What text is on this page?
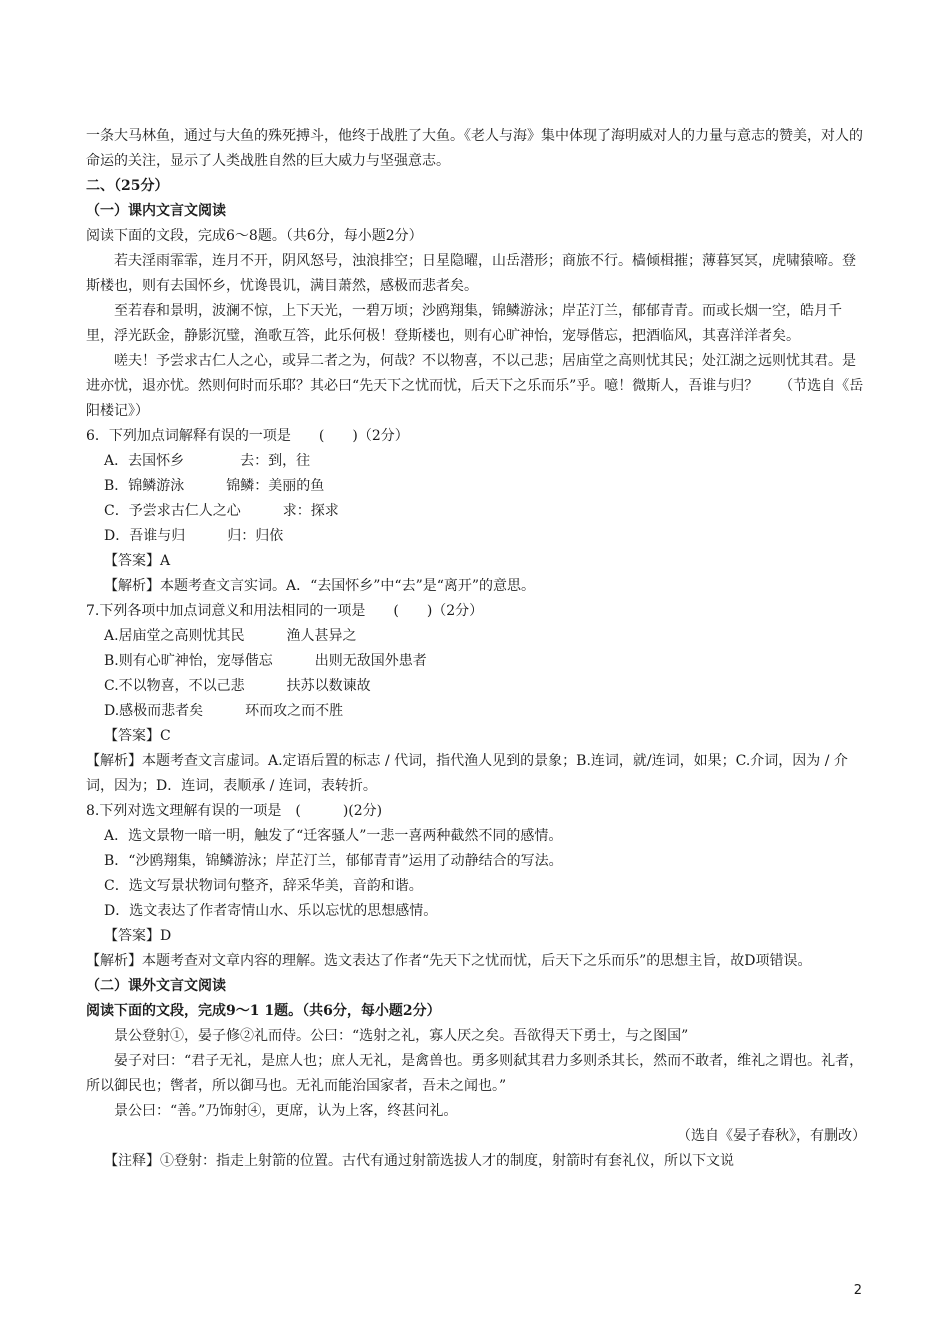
一条大马林鱼，通过与大鱼的殊死搏斗，他终于战胜了大鱼。《老人与海》集中体现了海明威对人的力量与意志的赞美，对人的命运的关注，显示了人类战胜自然的巨大威力与坚强意志。

二、（25分）

（一）课内文言文阅读

阅读下面的文段，完成6～8题。（共6分，每小题2分）

若夫淫雨霏霏，连月不开，阴风怒号，浊浪排空；日星隐曜，山岳潜形；商旅不行。樯倾楫摧；薄暮冥冥，虎啸猿啼。登斯楼也，则有去国怀乡，忧谗畏讥，满目萧然，感极而悲者矣。

至若春和景明，波澜不惊，上下天光，一碧万顷；沙鸥翔集，锦鳞游泳；岸芷汀兰，郁郁青青。而或长烟一空，皓月千里，浮光跃金，静影沉璧，渔歌互答，此乐何极！登斯楼也，则有心旷神怡，宠辱偕忘，把酒临风，其喜洋洋者矣。

嗟夫！予尝求古仁人之心，或异二者之为，何哉？不以物喜，不以己悲；居庙堂之高则忧其民；处江湖之远则忧其君。是进亦忧，退亦忧。然则何时而乐耶？其必曰“先天下之忧而忧，后天下之乐而乐”乎。噫！微斯人，吾谁与归？　　（节选自《岳阳楼记》）

6．下列加点词解释有误的一项是　　(　　)（2分）

A．去国怀乡　　　　去：到，往

B．锦鳞游泳　　　锦鳞：美丽的鱼

C．予尝求古仁人之心　　　求：探求

D．吾谁与归　　　归：归依

【答案】A

【解析】本题考查文言实词。A．“去国怀乡”中“去”是“离开”的意思。

7.下列各项中加点词意义和用法相同的一项是　　(　　)（2分）

A.居庙堂之高则忧其民　　　渔人甚异之

B.则有心旷神怡，宠辱偕忘　　　出则无敌国外患者

C.不以物喜，不以己悲　　　扶苏以数谏故

D.感极而悲者矣　　　环而攻之而不胜

【答案】C

【解析】本题考查文言虚词。A.定语后置的标志 / 代词，指代渔人见到的景象；B.连词，就/连词，如果；C.介词，因为 / 介词，因为；D．连词，表顺承 / 连词，表转折。

8.下列对选文理解有误的一项是　(　　　)(2分)

A．选文景物一暗一明，触发了“迁客骚人”一悲一喜两种截然不同的感情。

B．“沙鸥翔集，锦鳞游泳；岸芷汀兰，郁郁青青”运用了动静结合的写法。

C．选文写景状物词句整齐，辞采华美，音韵和谐。

D．选文表达了作者寄情山水、乐以忘忧的思想感情。

【答案】D

【解析】本题考查对文章内容的理解。选文表达了作者“先天下之忧而忧，后天下之乐而乐”的思想主旨，故D项错误。

（二）课外文言文阅读

阅读下面的文段，完成9～1 1题。（共6分，每小题2分）

景公登射①，晏子修②礼而侍。公曰：“选射之礼，寡人厌之矣。吾欲得天下勇士，与之图国”

晏子对曰：“君子无礼，是庶人也；庶人无礼，是禽兽也。勇多则弑其君力多则杀其长，然而不敢者，维礼之谓也。礼者，所以御民也；辔者，所以御马也。无礼而能治国家者，吾未之闻也。”

景公曰：“善。”乃饰射④，更席，认为上客，终甚问礼。

（选自《晏子春秋》，有删改）

【注释】①登射：指走上射箭的位置。古代有通过射箭选拔人才的制度，射箭时有套礼仪，所以下文说

2
